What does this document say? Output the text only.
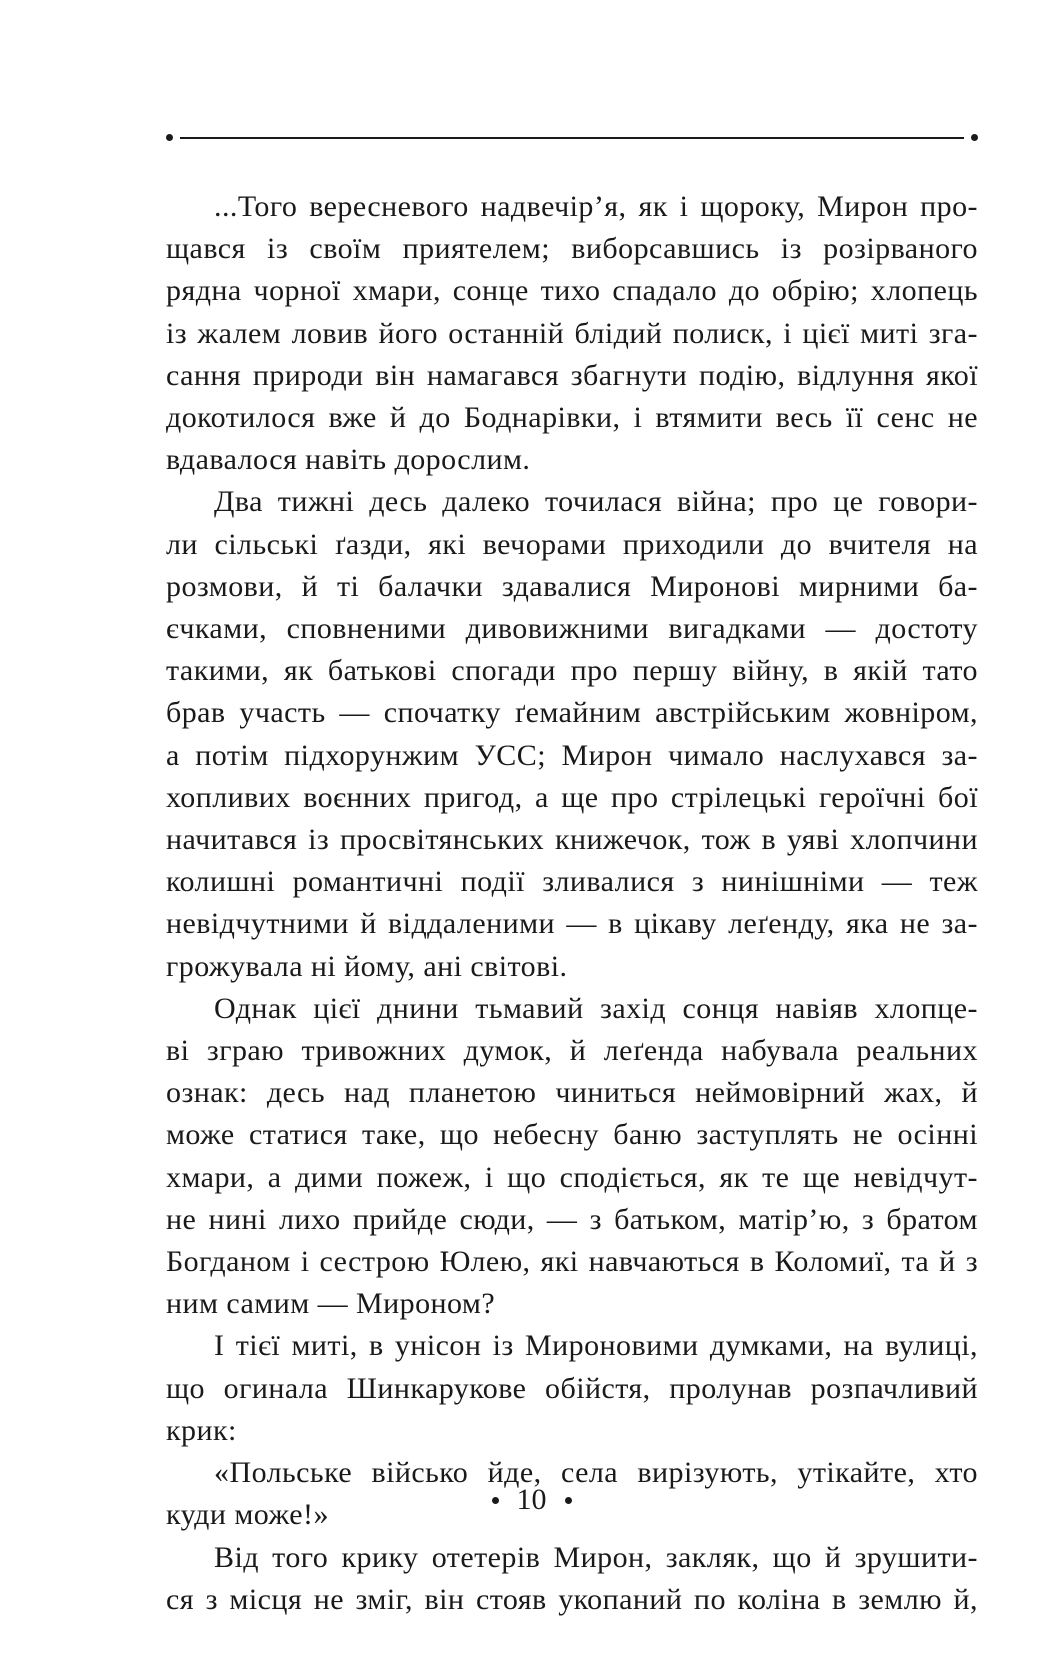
...Того вересневого надвечір’я, як і щороку, Мирон про-
щався із своїм приятелем; виборсавшись із розірваного
рядна чорної хмари, сонце тихо спадало до обрію; хлопець
із жалем ловив його останній блідий полиск, і цієї миті зга-
сання природи він намагався збагнути подію, відлуння якої
докотилося вже й до Боднарівки, і втямити весь її сенс не
вдавалося навіть дорослим.
Два тижні десь далеко точилася війна; про це говори-
ли сільські ґазди, які вечорами приходили до вчителя на
розмови, й ті балачки здавалися Миронові мирними ба-
єчками, сповненими дивовижними вигадками — достоту
такими, як батькові спогади про першу війну, в якій тато
брав участь — спочатку ґемайним австрійським жовніром,
а потім підхорунжим УСС; Мирон чимало наслухався за-
хопливих воєнних пригод, а ще про стрілецькі героїчні бої
начитався із просвітянських книжечок, тож в уяві хлопчини
колишні романтичні події зливалися з нинішніми — теж
невідчутними й віддаленими — в цікаву леґенду, яка не за-
грожувала ні йому, ані світові.
Однак цієї днини тьмавий захід сонця навіяв хлопце-
ві зграю тривожних думок, й леґенда набувала реальних
ознак: десь над планетою чиниться неймовірний жах, й
може статися таке, що небесну баню заступлять не осінні
хмари, а дими пожеж, і що сподіється, як те ще невідчут-
не нині лихо прийде сюди, — з батьком, матір’ю, з братом
Богданом і сестрою Юлею, які навчаються в Коломиї, та й з
ним самим — Мироном?
І тієї миті, в унісон із Мироновими думками, на вулиці,
що огинала Шинкарукове обійстя, пролунав розпачливий
крик:
«Польське військо йде, села вирізують, утікайте, хто
куди може!»
Від того крику отетерів Мирон, закляк, що й зрушити-
ся з місця не зміг, він стояв укопаний по коліна в землю й,
10
